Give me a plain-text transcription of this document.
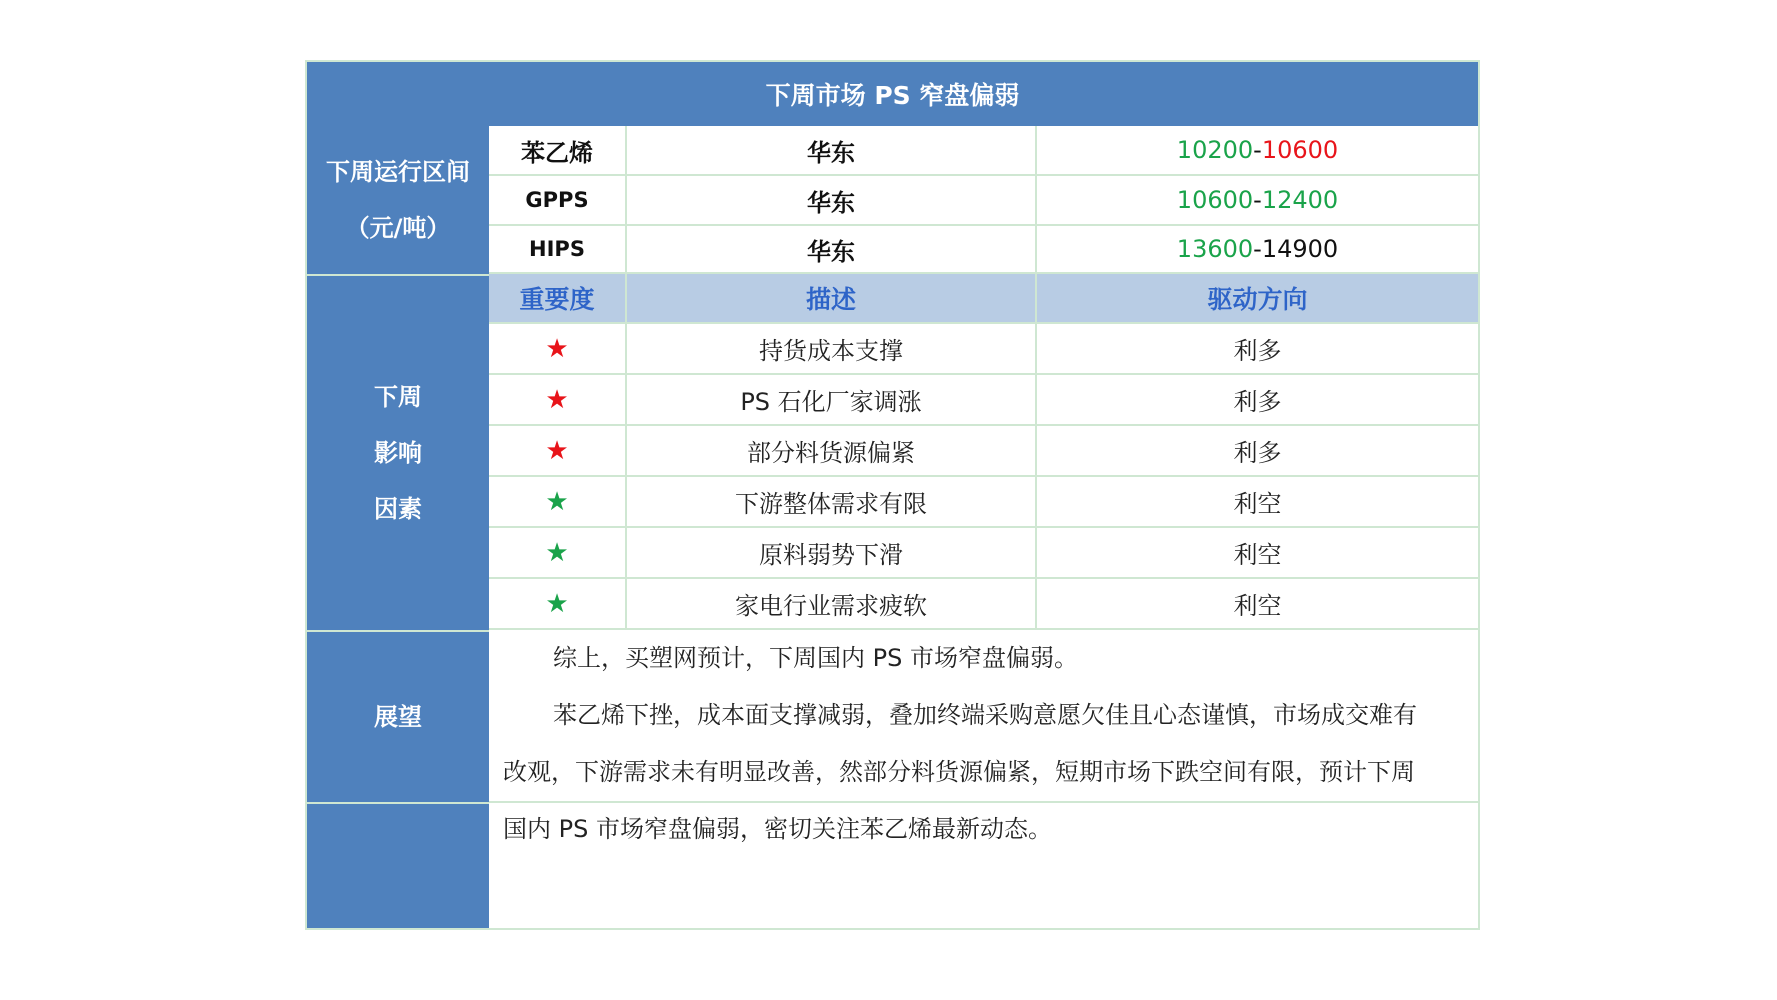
下周市场 PS 窄盘偏弱
下周运行区间
（元/吨）
苯乙烯	华东	10200 - 10600
GPPS	华东	10600 - 12400
HIPS	华东	13600 - 14900
下周
影响
因素
重要度	描述	驱动方向
★	持货成本支撑	利多
★	PS 石化厂家调涨	利多
★	部分料货源偏紧	利多
★	下游整体需求有限	利空
★	原料弱势下滑	利空
★	家电行业需求疲软	利空
展望

综上，买塑网预计，下周国内 PS 市场窄盘偏弱。

苯乙烯下挫，成本面支撑减弱，叠加终端采购意愿欠佳且心态谨慎，市场成交难有

改观，下游需求未有明显改善，然部分料货源偏紧，短期市场下跌空间有限，预计下周

国内 PS 市场窄盘偏弱，密切关注苯乙烯最新动态。
